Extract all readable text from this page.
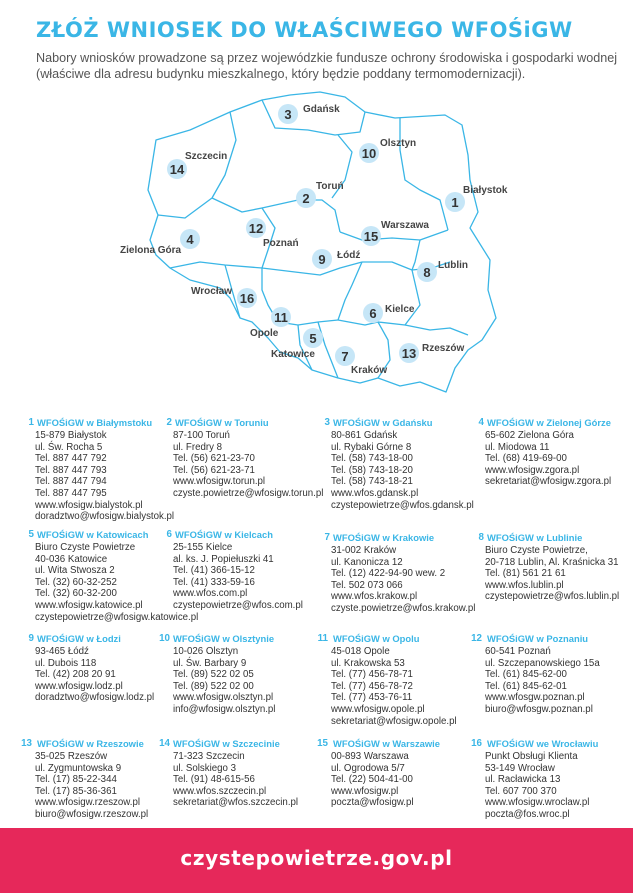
ZŁÓŻ WNIOSEK DO WŁAŚCIWEGO WFOŚiGW
Nabory wniosków prowadzone są przez wojewódzkie fundusze ochrony środowiska i gospodarki wodnej (właściwe dla adresu budynku mieszkalnego, który będzie poddany termomodernizacji).
3 Gdańsk
10
Olsztyn
14
Szczecin
2
Toruń
1
Białystok
4
Zielona Góra
12
Poznań	15
Warszawa
9 Łódź
8 Lublin
16
Wrocław
11
Opole
6 Kielce
5
Katowice 7
Kraków
13 Rzeszów
1 WFOŚiGW w Białymstoku
15-879 Białystok
ul. Św. Rocha 5
Tel. 887 447 792
Tel. 887 447 793
Tel. 887 447 794
Tel. 887 447 795
www.wfosigw.bialystok.pl
doradztwo@wfosigw.bialystok.pl
2 WFOŚiGW w Toruniu
87-100 Toruń
ul. Fredry 8
Tel. (56) 621-23-70
Tel. (56) 621-23-71
www.wfosigw.torun.pl
czyste.powietrze@wfosigw.torun.pl
3 WFOŚiGW w Gdańsku
80-861 Gdańsk
ul. Rybaki Górne 8
Tel. (58) 743-18-00
Tel. (58) 743-18-20
Tel. (58) 743-18-21
www.wfos.gdansk.pl
czystepowietrze@wfos.gdansk.pl
4 WFOŚiGW w Zielonej Górze
65-602 Zielona Góra
ul. Miodowa 11
Tel. (68) 419-69-00
www.wfosigw.zgora.pl
sekretariat@wfosigw.zgora.pl
5 WFOŚiGW w Katowicach
Biuro Czyste Powietrze
40-036 Katowice
ul. Wita Stwosza 2
Tel. (32) 60-32-252
Tel. (32) 60-32-200
www.wfosigw.katowice.pl
czystepowietrze@wfosigw.katowice.pl
6 WFOŚiGW w Kielcach
25-155 Kielce
al. ks. J. Popiełuszki 41
Tel. (41) 366-15-12
Tel. (41) 333-59-16
www.wfos.com.pl
czystepowietrze@wfos.com.pl
7 WFOŚiGW w Krakowie
31-002 Kraków
ul. Kanonicza 12
Tel. (12) 422-94-90 wew. 2
Tel. 502 073 066
www.wfos.krakow.pl
czyste.powietrze@wfos.krakow.pl
8 WFOŚiGW w Lublinie
Biuro Czyste Powietrze,
20-718 Lublin, Al. Kraśnicka 31
Tel. (81) 561 21 61
www.wfos.lublin.pl
czystepowietrze@wfos.lublin.pl
9 WFOŚiGW w Łodzi
93-465 Łódź
ul. Dubois 118
Tel. (42) 208 20 91
www.wfosigw.lodz.pl
doradztwo@wfosigw.lodz.pl
10 WFOŚiGW w Olsztynie
10-026 Olsztyn
ul. Św. Barbary 9
Tel. (89) 522 02 05
Tel. (89) 522 02 00
www.wfosigw.olsztyn.pl
info@wfosigw.olsztyn.pl
11 WFOŚiGW w Opolu
45-018 Opole
ul. Krakowska 53
Tel. (77) 456-78-71
Tel. (77) 456-78-72
Tel. (77) 453-76-11
www.wfosigw.opole.pl
sekretariat@wfosigw.opole.pl
12 WFOŚiGW w Poznaniu
60-541 Poznań
ul. Szczepanowskiego 15a
Tel. (61) 845-62-00
Tel. (61) 845-62-01
www.wfosgw.poznan.pl
biuro@wfosgw.poznan.pl
13 WFOŚiGW w Rzeszowie
35-025 Rzeszów
ul. Zygmuntowska 9
Tel. (17) 85-22-344
Tel. (17) 85-36-361
www.wfosigw.rzeszow.pl
biuro@wfosigw.rzeszow.pl
14 WFOŚiGW w Szczecinie
71-323 Szczecin
ul. Solskiego 3
Tel. (91) 48-615-56
www.wfos.szczecin.pl
sekretariat@wfos.szczecin.pl
15 WFOŚiGW w Warszawie
00-893 Warszawa
ul. Ogrodowa 5/7
Tel. (22) 504-41-00
www.wfosigw.pl
poczta@wfosigw.pl
16 WFOŚiGW we Wrocławiu
Punkt Obsługi Klienta
53-149 Wrocław
ul. Racławicka 13
Tel. 607 700 370
www.wfosigw.wroclaw.pl
poczta@fos.wroc.pl
czystepowietrze.gov.pl
